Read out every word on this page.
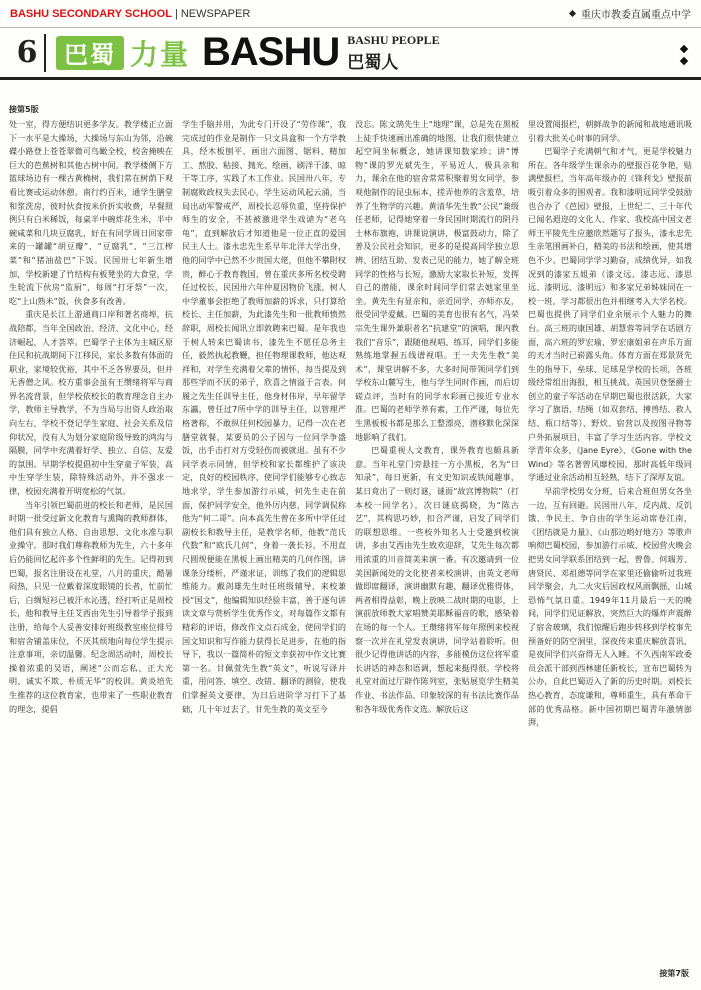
BASHU SECONDARY SCHOOL | NEWSPAPER	重庆市教委直属重点中学
6	巴蜀 力量 BASHU BASHU PEOPLE
巴蜀人
接第5版

处一室，得方便结识更多学友。教学楼正立面下一水平是大操场，大操场与东山为邻，沿碗碟小路登上苍苍翠微可鸟瞰全校，校舍掩映在巨大的芭蕉树和其他古树中间。教学楼侧下方篮球场边有一棵古黄桷树，我们常在树荫下观看比赛或运动休憩。南行约百米，通学生膳堂和浆洗房，彼时伙食按米价折实收费，早餐照例只有白米稀饭，每桌半中碗炸花生米，半中碗咸菜和几块豆腐乳，好在有同学周日回家带来的一罐罐“胡豆瓣”、“豆腐乳”、“三江榨菜”和“猪油盐巴”下饭。民国卅七年新生增加，学校新建了竹结构有板凳坐的大食堂，学生轮流下伙房“监厨”，每周“打牙祭”一次，吃“上山熟米”饭，伙食多有改善。

重庆是长江上游通商口岸和著名商埠，抗战陪都，当年全国政治、经济、文化中心，经济崛起，人才荟萃。巴蜀学子主体为主城区原住民和抗战期间下江移民，家长多数有体面的职业，家境较优裕，其中不乏各界要员，但并无香僧之风。校方重事会虽有王缵绪将军与商界名流背景，但学校依校长的教育理念自主办学，教师主导教学，不为当局与出资人政治取向左右，学校不登记学生家庭、社会关系及信仰状况，没有人为划分家庭阶级导致的鸿沟与隔膜，同学中充满着好学、独立、自信、友爱的氛围。早期学校提倡初中生穿童子军装，高中生穿学生装，除特殊活动外，并不强求一律，校园充满着开明宽松的气氛。

当年引领巴蜀前进的校长和老师，是民国时期一批受过新文化教育与熏陶的教师群体，他们具有独立人格、自由思想、文化水准与职业操守。那时我们尊称教师为先生，六十多年后仍能回忆起许多个性鲜明的先生。记得初到巴蜀，报名注册设在礼堂，八月的重庆，酷暑闷热，只见一位戴着深度眼镜的长者，忙前忙后，白绸短衫已被汗水沁透，经打听正是周校长，他和教导主任艾西由先生引导着学子报到注册，给每个人妥善安排好班级教室座位排号和宿舍铺盖床位，不厌其烦地向每位学生提示注意事项，亲切温馨。纪念周活动时，周校长操着浓重的吴语，阐述“公而忘私、正大光明、诚实不欺、朴质无华”的校训。黄炎培先生推荐的这位教育家，也带来了一些职业教育的理念，提倡

学生手脑并用，为此专门开设了“劳作课”，我完成过的作业是制作一只文具盒和一个方学教具，经木板刨平、画出六面图、锯料、精加工、熬胶、粘接、抛光、绘画、刷洋干漆、晾干等工序，实践了木工作业。民国卅八年，专制腐败政权失去民心，学生运动风起云涌，当局出动军警戒严，周校长忍辱负重，坚持保护师生的安全，不甚被激进学生戏谑为“老乌龟”，直到解放后才知道他是一位正直的爱国民主人士。漆永忠先生系早年北洋大学出身，他的同学中已然不少贵国大佬，但他不攀附权贵，醉心于教育教国，曾在重庆多所名校受聘任过校长，民国卅六年仲夏因物价飞涨，树人中学董事会拒绝了教师加薪的诉求，只打算给校长、主任加薪，为此漆先生和一批教师愤然辞职，周校长闻讯立即敦聘来巴蜀。是年我也于树人转来巴蜀读书，漆先生不愿任总务主任，毅然执起教鞭，担任物理课教师，他达观祥和，对学生充满着父辈的情怀，每当提及到那些学而不厌的弟子，欣喜之情溢于言表。何履之先生任训导主任，他身材伟岸，早年留学东瀛，曾任过7所中学的训导主任，以管理严格著称，不敢纵任何校园暴力，记得一次在老膳堂就餐，某要员的公子因与一位同学争盛饭，出手击打对方受轻伤而被就退。虽有不少同学表示同情，但学校和家长都维护了该决定，良好的校园秩序，使同学们能够专心致志地求学，学生参加游行示威，何先生走在前面，保护同学安全，他外厉内慈，同学调侃称他为“何二哥”。向本高先生曾在多所中学任过副校长和教导主任，是教学名师，他教“范氏代数”和“欧氏几何”，身着一袭长衫，不用直尺圆规便能在黑板上画出精美的几何作图，讲课条分缕析，严谨求证，训练了我们的逻辑思维能力。戴剑雄先生时任班级辅导，来校兼授“国文”，他编辑知识经验丰富，善于逐句讲读文章与赏析学生优秀作文，对每篇作文都有精彩的评语，修改作文点石成金，使同学们的国文知识和写作能力获得长足进步，在他的指导下，我以一篇简朴的短文幸获初中作文比赛第一名。甘佩萱先生教“英文”，听说写译并重，用问答、填空、改错、翻译的测验，使我们掌握英文要律，为日后进阶学习打下了基础，几十年过去了，甘先生教的英文至今

没忘。陈文鹄先生上“地理”课，总是先在黑板上徒手快速画出准确的地图，让我们很快建立起空间坐标概念，她讲课知数家珍；讲“博物”课的罗光斌先生，平易近人，极具亲和力，课余在他的宿舍常常积聚着男女同学，参观他制作的昆虫标本，搓弄他养的含羞草，培养了生物学的兴趣。黄清华先生教“公民”兼级任老师，记得她穿着一身民国时期流行的阴丹士林布旗袍，讲课说演讲，极富鼓动力，除了普及公民社会知识，更多的是提高同学独立思辨、团结互助、发表己见的能力，她了解全班同学的性格与长短，激励大家取长补短，发挥自己的潜能，课余时间同学们常去她家里坐坐。黄先生有显亲和，亲近同学，亦师亦友，很受同学爱戴。巴蜀的美育也很有名气，冯荣宗先生课外兼职者名“抗建堂”的演唱，课内教我们“音乐”，跟随他视唱、练耳，同学们多能熟练地掌握五线谱视唱。王一夫先生教“美术”，课堂讲解不多，大多时间带领同学们到学校东山麓写生，他与学生同时作画，而后切磋点评，当时有的同学水彩画已接近专业水准。巴蜀的老师学养有素，工作严谨，每位先生黑板板书都是那么工整漂亮，潜移默化深深地影响了我们。

巴蜀重视人文教育，课外教育也颇具新意。当年礼堂门旁悬挂一方小黑板，名为“日知录”，每日更新，有文史知识或铁闻趣事，某日竟出了一则灯谜，谜面“故宫博物院”（打本校一同学名），次日谜底揭晓，为“陈古艺”，其构思巧妙，扣合严谨，启发了同学们的联想思维。一些校外知名人士受邀到校演讲，多由艾西由先生致欢迎辞，艾先生每次都用浓重的川音简美来演一番。有次邀请到一位美国新闻处的文化使者来校演讲，由英文老师做即席翻译，演讲幽默有趣，翻译优雅得体，两者相得益彰，晚上放映二战时期的电影，上演前放师教大家唱赞美耶稣福音的歌，感染着在场的每一个人。王瓒绪将军每年照例来校视察一次并在礼堂发表演讲，同学站着聆听。但很少记得他讲话的内容，多能模仿这位将军重长讲话的神态和语调，想起来挺得很。学校将礼堂对面过厅辟作陈列室，张贴展览学生精美作业、书法作品、印象较深的有书法比赛作品和各年级优秀作文选。解放后这

里设置阅报栏，朝鲜战争的新闻和战地通讯吸引着大批关心时事的同学。

巴蜀学子充满朝气和才气，更是学校魅力所在。各年级学生课余办的壁报百花争艳，贴满壁报栏，当年高年级办的《锋利戈》壁报前吸引着众多的围观者。我和漆明远同学受鼓励也合办了《芭园》壁报，上世纪二、三十年代已闻名遐迩的文化人、作家、我校高中国文老师王平陵先生应邀欣然题写了报头，漆永忠先生亲笔围画补白，精美的书法和绘画，使其增色不少。巴蜀同学学习勤奋，成绩优异，如我况到的漆家五姐弟（漆文远、漆志远、漆思远、漆明远、漆明远）和多家兄弟姊妹同在一校一班，学习都很出色并相继考入大学名校。巴蜀也提供了同学们业余展示个人魅力的舞台。高三班的康国雄、胡慧蓉等同学在话剧方面，高六班的罗宏瑜、罗宏康姐弟在声乐方面的天才当时已崭露头角。体育方面在郑景贤先生的指导下，垒球、足球是学校的长项，各班级经常组出海报，相互挑战。英国贝登堡爵士创立的童子军活动在早期巴蜀也很活跃，大家学习了旗语、结绳（如双套结、搏兽结、救人结、瓶口结等）、野炊、宿营以及按图寻物等户外拓展项目，丰富了学习生活内容。学校文学青年众多，《Jane Eyre》、《Gone with the Wind》等名著曾风靡校园，那时高低年级同学通过业余活动相互轻熟，结下了深厚友谊。

早前学校男女分班，后来合班但男女各坐一边，互有回避。民国卅八年，反内战、反饥饿、争民主、争自由的学生运动席卷江南，《团结就是力量》、《山那边哟好地方》等歌声响彻巴蜀校园，参加游行示威、校园营火晚会把男女同学联系团结到一起，曾鲁、何瑞芳、唐贤民、邓祖德等同学在家里还偷偷听过我班同学聚会，九二火灾后因政权风雨飘摇，山城恐怖气氛日重。1949年11月最后一天的晚间，同学们见证解放，突然巨大的爆炸声震醉了宿舍玻璃，我们惊醒后跑步转移到学校事先预备好的防空洞里，深夜传来重庆解放喜讯，是夜同学们兴奋得无人入睡。不久西南军政委员会派干部到西林建任新校长，宣布巴蜀转为公办，自此巴蜀迈入了新的历史时期。刘校长热心教育，态度谦和，尊师重生，具有革命干部的优秀品格。新中国初期巴蜀青年激情澎湃，

接第7版
